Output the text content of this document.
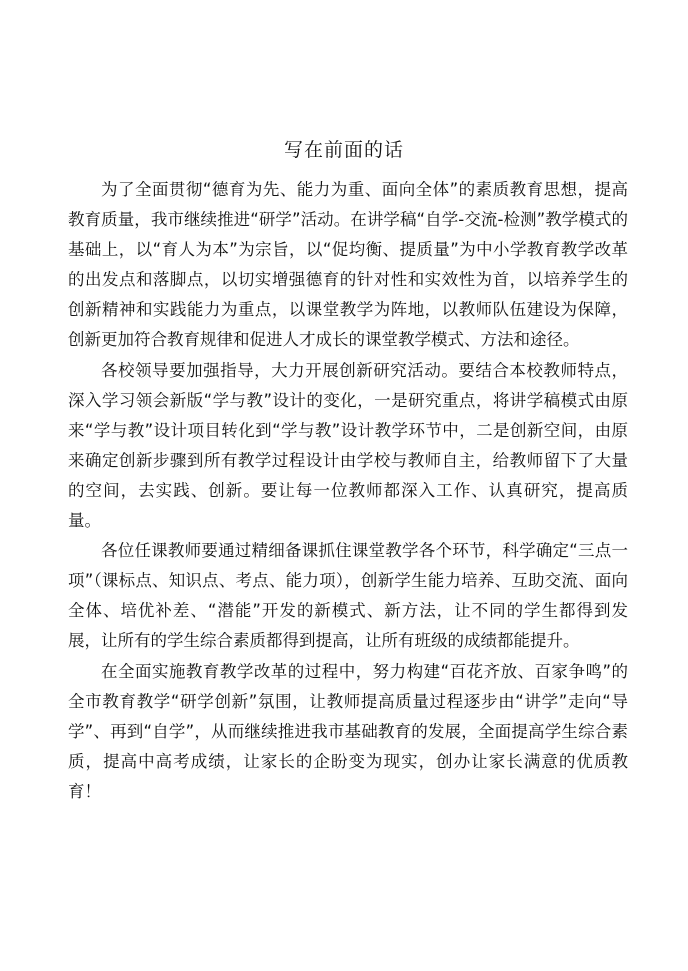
写在前面的话

为了全面贯彻“德育为先、能力为重、面向全体”的素质教育思想，提高教育质量，我市继续推进“研学”活动。在讲学稿“自学-交流-检测”教学模式的基础上，以“育人为本”为宗旨，以“促均衡、提质量”为中小学教育教学改革的出发点和落脚点，以切实增强德育的针对性和实效性为首，以培养学生的创新精神和实践能力为重点，以课堂教学为阵地，以教师队伍建设为保障，创新更加符合教育规律和促进人才成长的课堂教学模式、方法和途径。

各校领导要加强指导，大力开展创新研究活动。要结合本校教师特点，深入学习领会新版“学与教”设计的变化，一是研究重点，将讲学稿模式由原来“学与教”设计项目转化到“学与教”设计教学环节中，二是创新空间，由原来确定创新步骤到所有教学过程设计由学校与教师自主，给教师留下了大量的空间，去实践、创新。要让每一位教师都深入工作、认真研究，提高质量。

各位任课教师要通过精细备课抓住课堂教学各个环节，科学确定“三点一项”（课标点、知识点、考点、能力项），创新学生能力培养、互助交流、面向全体、培优补差、“潜能”开发的新模式、新方法，让不同的学生都得到发展，让所有的学生综合素质都得到提高，让所有班级的成绩都能提升。

在全面实施教育教学改革的过程中，努力构建“百花齐放、百家争鸣”的全市教育教学“研学创新”氛围，让教师提高质量过程逐步由“讲学”走向“导学”、再到“自学”，从而继续推进我市基础教育的发展，全面提高学生综合素质，提高中高考成绩，让家长的企盼变为现实，创办让家长满意的优质教育！
